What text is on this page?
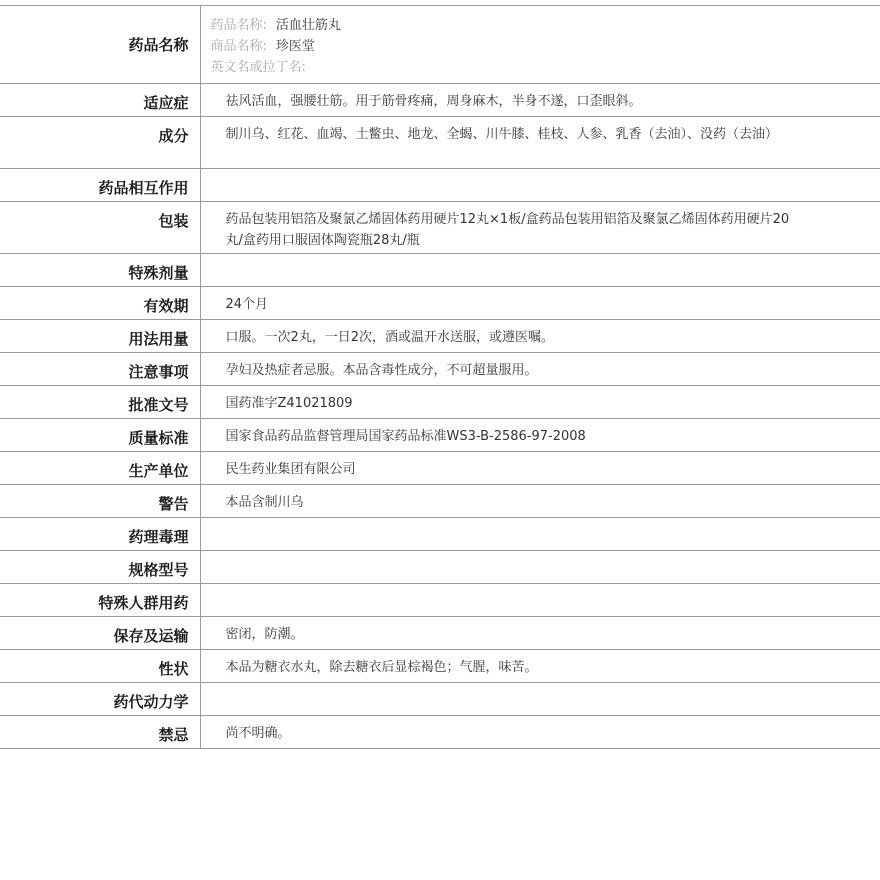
药品名称	药品名称: 活血壮筋丸
商品名称: 珍医堂
英文名或拉丁名:

适应症	祛风活血，强腰壮筋。用于筋骨疼痛，周身麻木，半身不遂，口歪眼斜。
成分	制川乌、红花、血竭、土鳖虫、地龙、全蝎、川牛膝、桂枝、人参、乳香（去油）、没药（去油）
药品相互作用	
包装	药品包装用铝箔及聚氯乙烯固体药用硬片12丸×1板/盒药品包装用铝箔及聚氯乙烯固体药用硬片20丸/盒药用口服固体陶瓷瓶28丸/瓶
特殊剂量	
有效期	24个月
用法用量	口服。一次2丸，一日2次，酒或温开水送服，或遵医嘱。
注意事项	孕妇及热症者忌服。本品含毒性成分，不可超量服用。
批准文号	国药准字Z41021809
质量标准	国家食品药品监督管理局国家药品标准WS3-B-2586-97-2008
生产单位	民生药业集团有限公司
警告	本品含制川乌
药理毒理	
规格型号	
特殊人群用药	
保存及运输	密闭，防潮。
性状	本品为糖衣水丸，除去糖衣后显棕褐色；气腥，味苦。
药代动力学	
禁忌	尚不明确。
